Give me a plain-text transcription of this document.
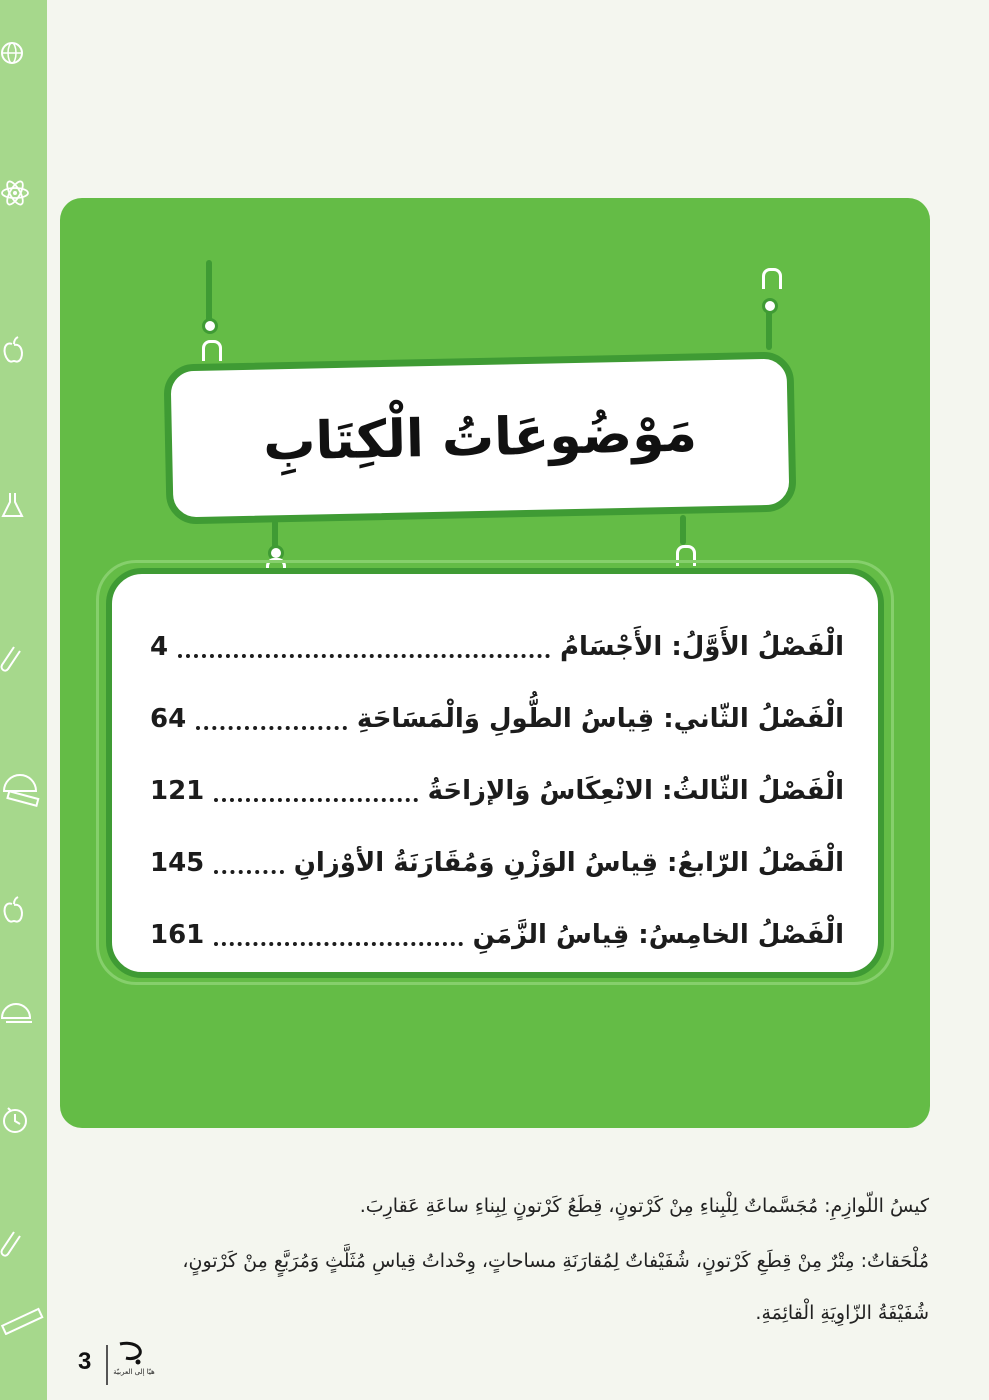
مَوْضُوعَاتُ الْكِتَابِ
الْفَصْلُ الأَوَّلُ: الأَجْسَامُ
4
الْفَصْلُ الثّاني: قِياسُ الطُّولِ وَالْمَسَاحَةِ
64
الْفَصْلُ الثّالثُ: الانْعِكَاسُ وَالإزاحَةُ
121
الْفَصْلُ الرّابعُ: قِياسُ الوَزْنِ وَمُقَارَنَةُ الأوْزانِ
145
الْفَصْلُ الخامِسُ: قِياسُ الزَّمَنِ
161
كيسُ اللّوازِمِ: مُجَسَّماتٌ لِلْبِناءِ مِنْ كَرْتونٍ، قِطَعُ كَرْتونٍ لِبِناءِ ساعَةِ عَقارِبَ.
مُلْحَقاتٌ: مِتْرٌ مِنْ قِطَعِ كَرْتونٍ، شُفَيْفاتٌ لِمُقارَنَةِ مساحاتٍ، وِحْداتُ قِياسِ مُثَلَّثٍ وَمُرَبَّعٍ مِنْ كَرْتونٍ،
شُفَيْفَةُ الزّاوِيَةِ الْقائِمَةِ.
3	هيّا إلى العربيّة
